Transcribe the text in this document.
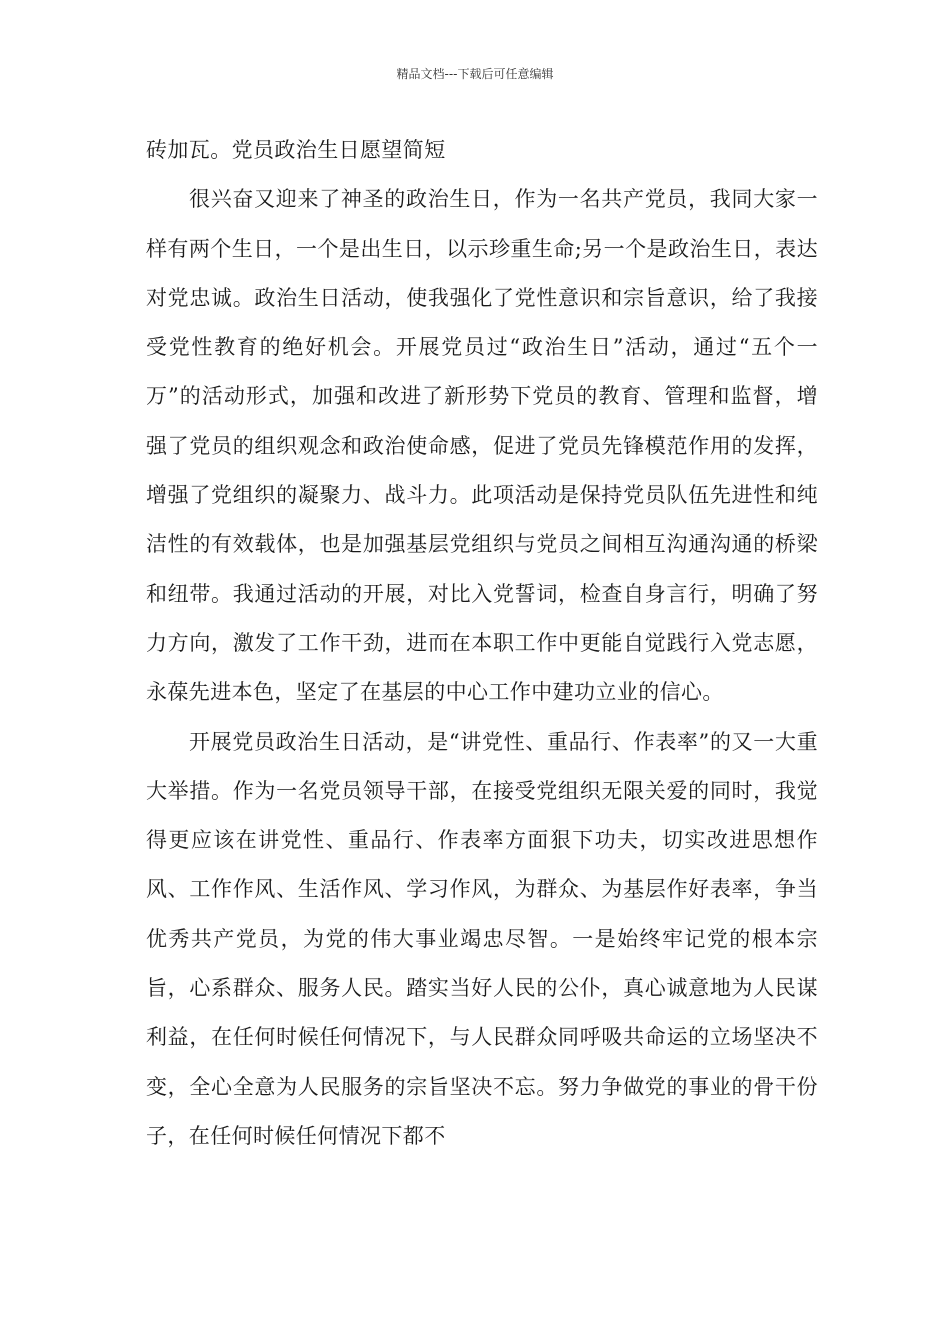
精品文档---下载后可任意编辑

砖加瓦。党员政治生日愿望简短

很兴奋又迎来了神圣的政治生日，作为一名共产党员，我同大家一样有两个生日，一个是出生日，以示珍重生命;另一个是政治生日，表达对党忠诚。政治生日活动，使我强化了党性意识和宗旨意识，给了我接受党性教育的绝好机会。开展党员过“政治生日”活动，通过“五个一万”的活动形式，加强和改进了新形势下党员的教育、管理和监督，增强了党员的组织观念和政治使命感，促进了党员先锋模范作用的发挥，增强了党组织的凝聚力、战斗力。此项活动是保持党员队伍先进性和纯洁性的有效载体，也是加强基层党组织与党员之间相互沟通沟通的桥梁和纽带。我通过活动的开展，对比入党誓词，检查自身言行，明确了努力方向，激发了工作干劲，进而在本职工作中更能自觉践行入党志愿，永葆先进本色，坚定了在基层的中心工作中建功立业的信心。

开展党员政治生日活动，是“讲党性、重品行、作表率”的又一大重大举措。作为一名党员领导干部，在接受党组织无限关爱的同时，我觉得更应该在讲党性、重品行、作表率方面狠下功夫，切实改进思想作风、工作作风、生活作风、学习作风，为群众、为基层作好表率，争当优秀共产党员，为党的伟大事业竭忠尽智。一是始终牢记党的根本宗旨，心系群众、服务人民。踏实当好人民的公仆，真心诚意地为人民谋利益，在任何时候任何情况下，与人民群众同呼吸共命运的立场坚决不变，全心全意为人民服务的宗旨坚决不忘。努力争做党的事业的骨干份子，在任何时候任何情况下都不
